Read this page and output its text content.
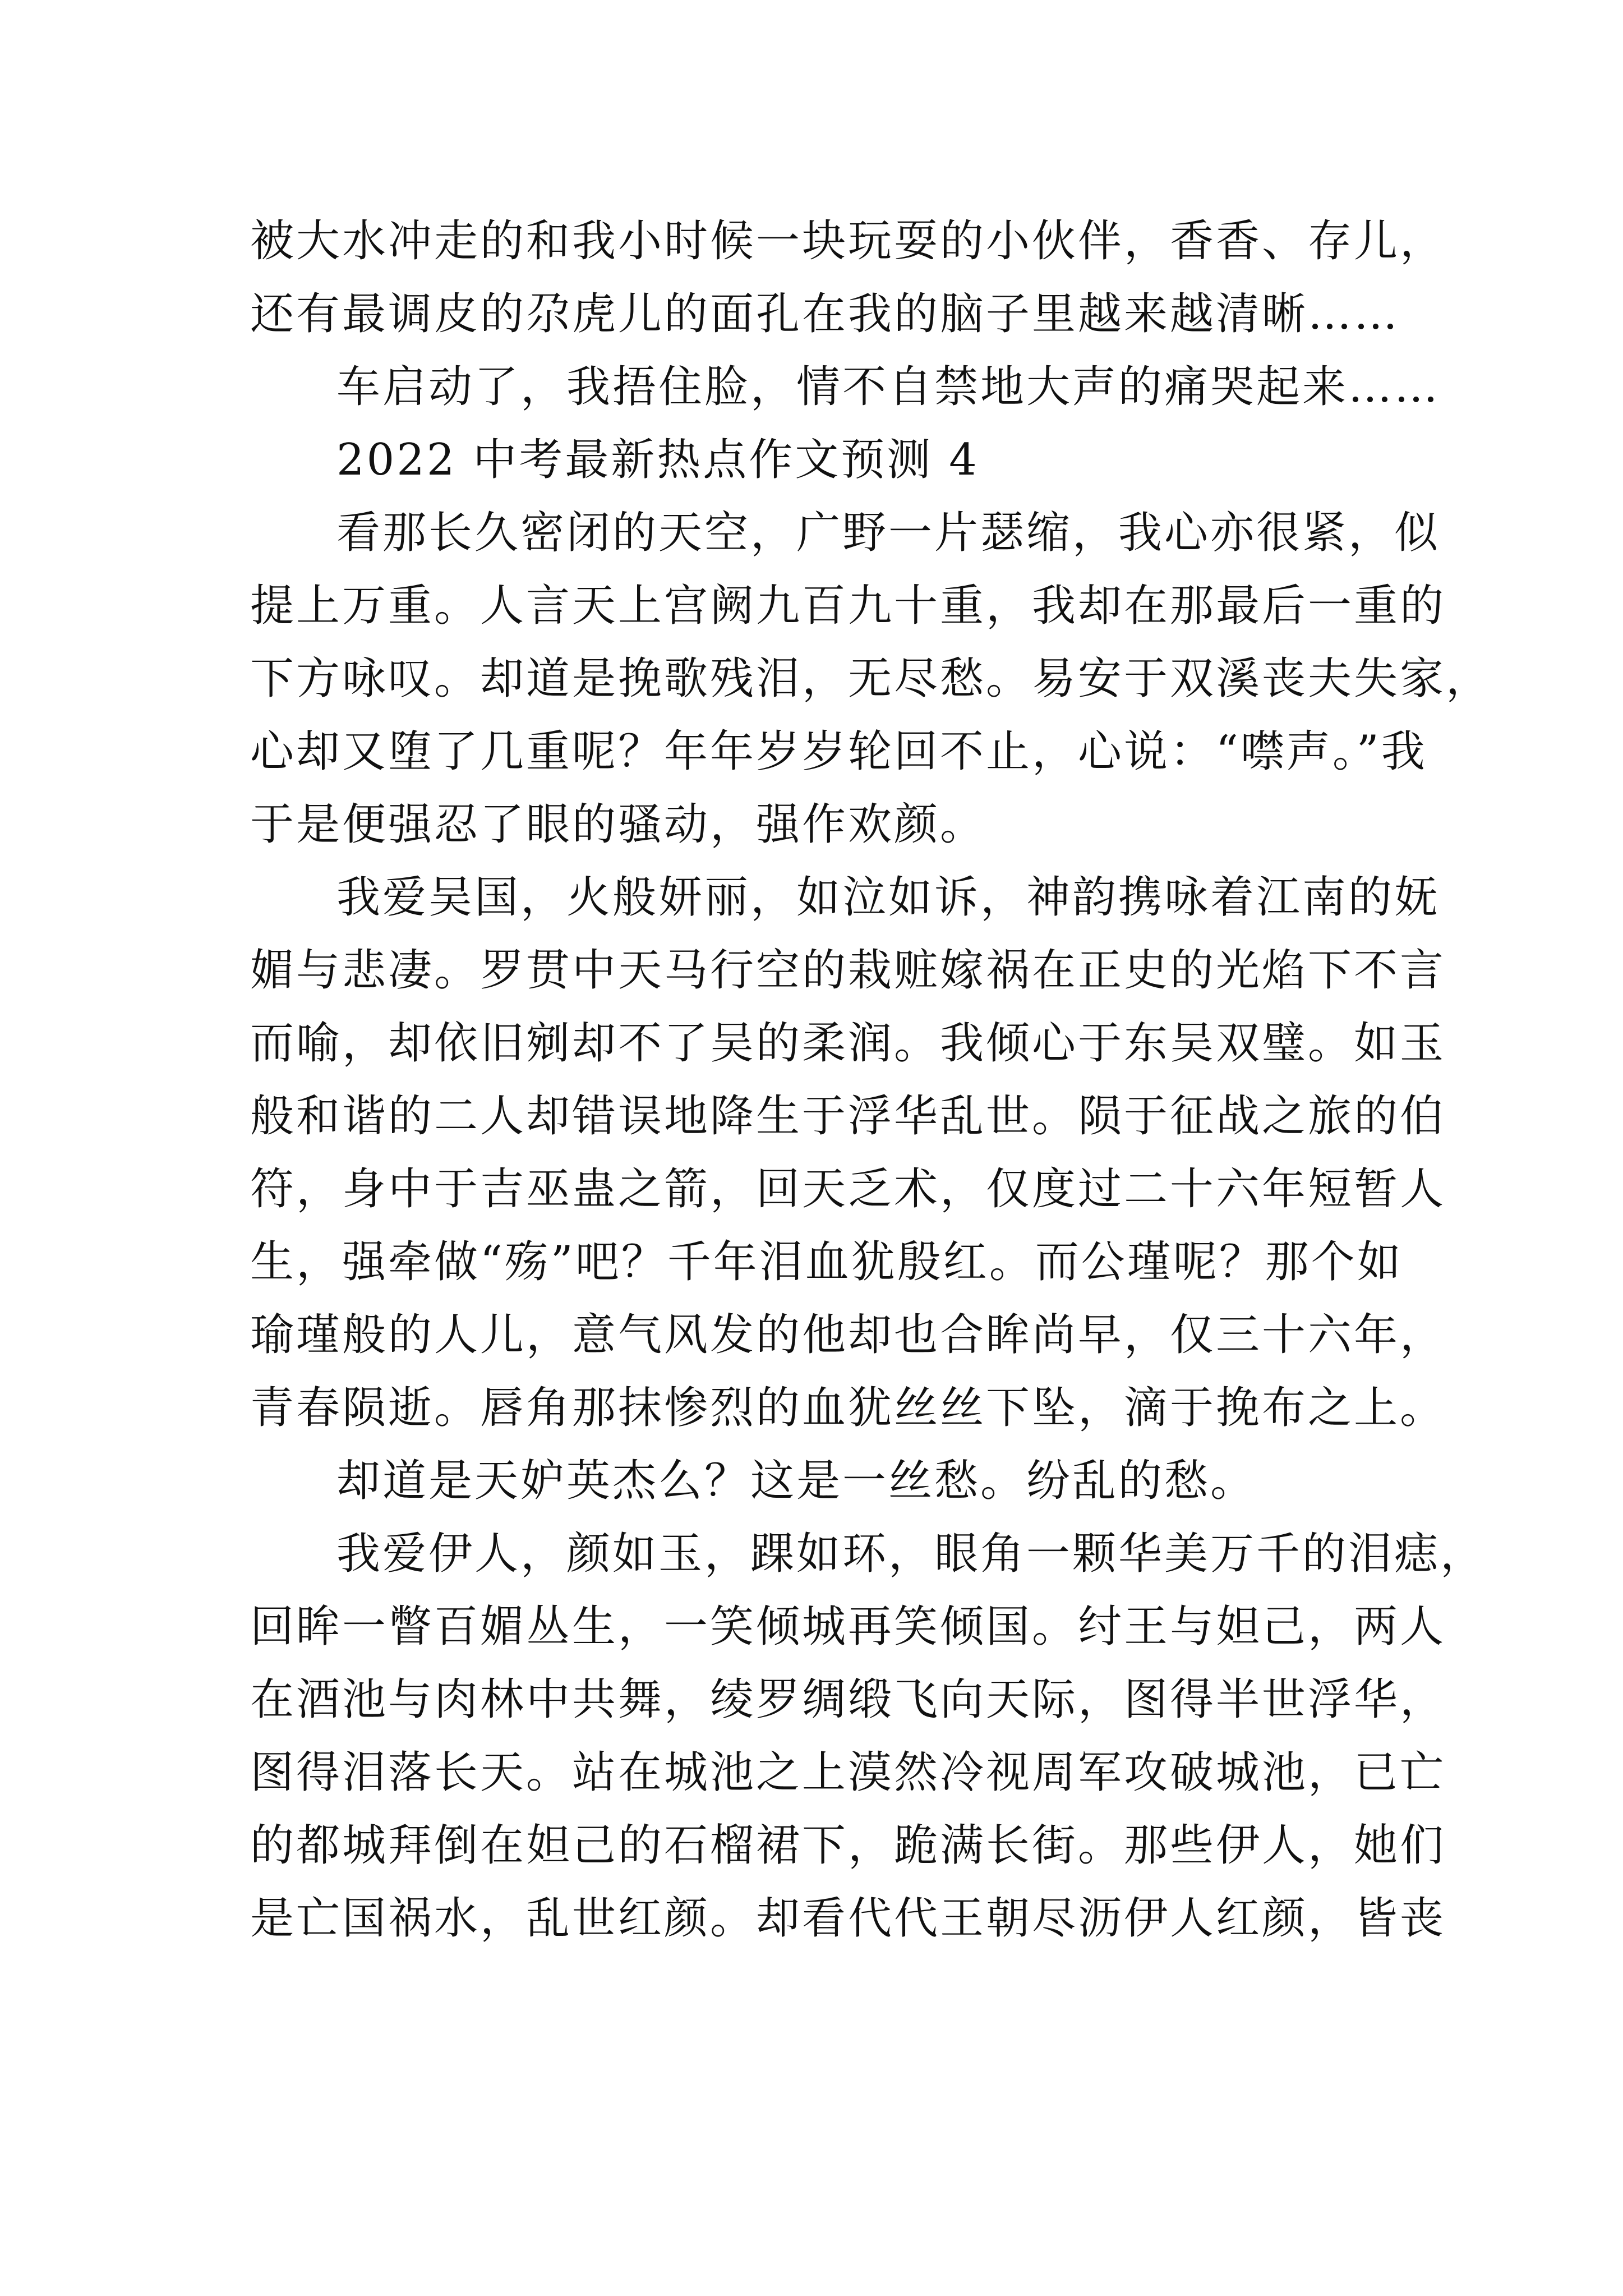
被大水冲走的和我小时候一块玩耍的小伙伴，香香、存儿，

还有最调皮的尕虎儿的面孔在我的脑子里越来越清晰……

车启动了，我捂住脸，情不自禁地大声的痛哭起来……

2022 中考最新热点作文预测 4

看那长久密闭的天空，广野一片瑟缩，我心亦很紧，似

提上万重。人言天上宫阙九百九十重，我却在那最后一重的

下方咏叹。却道是挽歌残泪，无尽愁。易安于双溪丧夫失家，

心却又堕了几重呢？年年岁岁轮回不止，心说：“噤声。”我

于是便强忍了眼的骚动，强作欢颜。

我爱吴国，火般妍丽，如泣如诉，神韵携咏着江南的妩

媚与悲凄。罗贯中天马行空的栽赃嫁祸在正史的光焰下不言

而喻，却依旧剜却不了吴的柔润。我倾心于东吴双璧。如玉

般和谐的二人却错误地降生于浮华乱世。陨于征战之旅的伯

符，身中于吉巫蛊之箭，回天乏术，仅度过二十六年短暂人

生，强牵做“殇”吧？千年泪血犹殷红。而公瑾呢？那个如

瑜瑾般的人儿，意气风发的他却也合眸尚早，仅三十六年，

青春陨逝。唇角那抹惨烈的血犹丝丝下坠，滴于挽布之上。

却道是天妒英杰么？这是一丝愁。纷乱的愁。

我爱伊人，颜如玉，踝如环，眼角一颗华美万千的泪痣，

回眸一瞥百媚丛生，一笑倾城再笑倾国。纣王与妲己，两人

在酒池与肉林中共舞，绫罗绸缎飞向天际，图得半世浮华，

图得泪落长天。站在城池之上漠然冷视周军攻破城池，已亡

的都城拜倒在妲己的石榴裙下，跪满长街。那些伊人，她们

是亡国祸水，乱世红颜。却看代代王朝尽沥伊人红颜，皆丧
